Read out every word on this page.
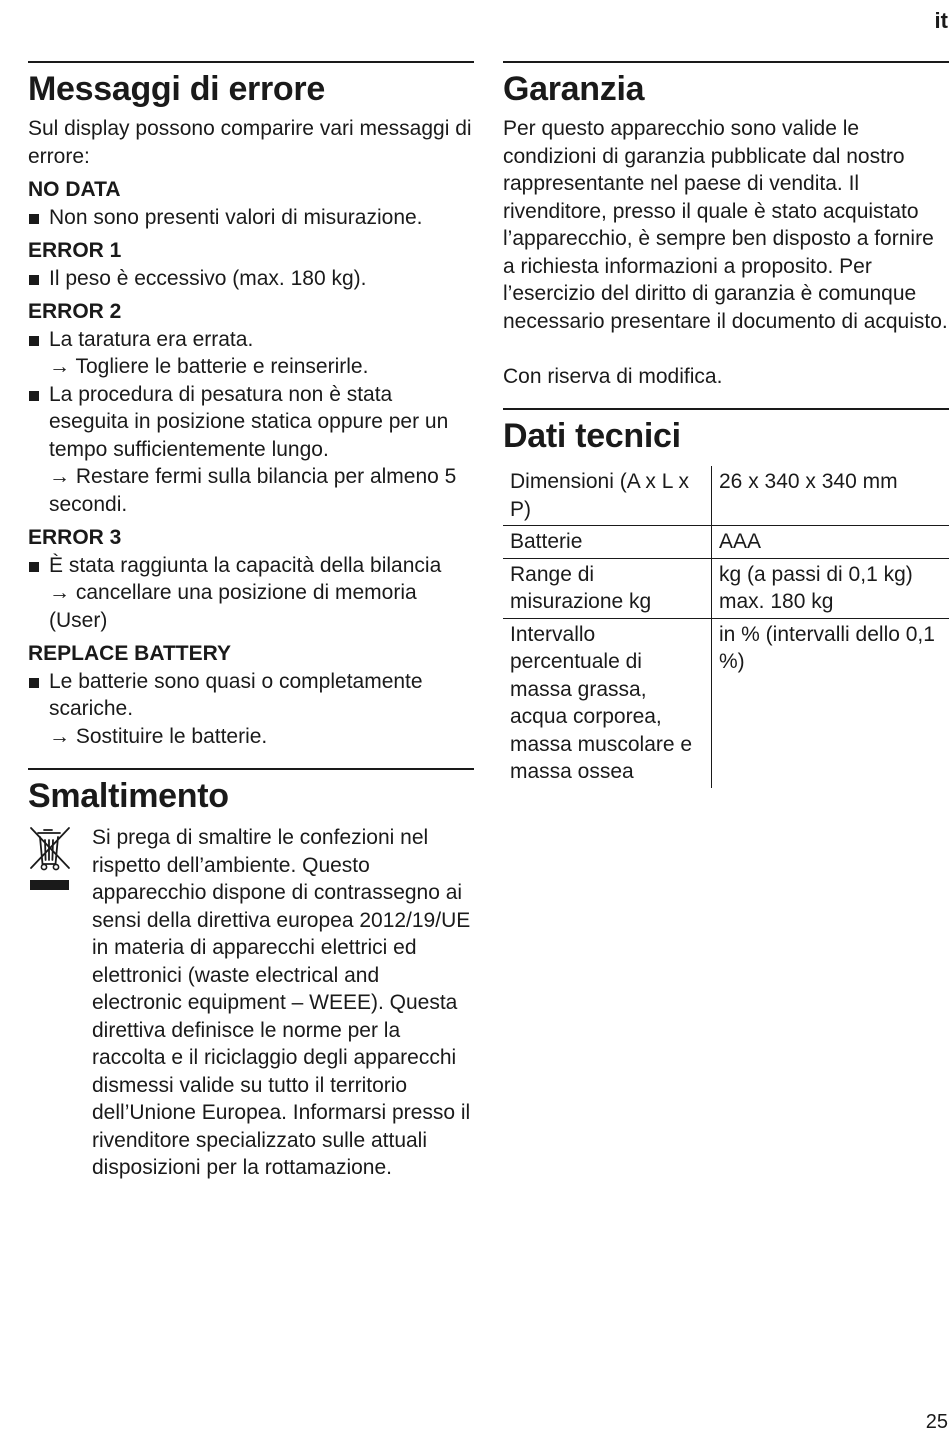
it
Messaggi di errore

Sul display possono comparire vari messaggi di errore:

NO DATA
Non sono presenti valori di misurazione.
ERROR 1
Il peso è eccessivo (max. 180 kg).
ERROR 2
La taratura era errata.
→ Togliere le batterie e reinserirle.
La procedura di pesatura non è stata eseguita in posizione statica oppure per un tempo sufficientemente lungo.
→ Restare fermi sulla bilancia per almeno 5 secondi.
ERROR 3
È stata raggiunta la capacità della bilancia
→ cancellare una posizione di memoria (User)
REPLACE BATTERY
Le batterie sono quasi o completamente scariche.
→ Sostituire le batterie.
Smaltimento

Si prega di smaltire le confezioni nel rispetto dell’ambiente. Questo apparecchio dispone di contrassegno ai sensi della direttiva europea 2012/19/UE in materia di apparecchi elettrici ed elettronici (waste electrical and electronic equipment – WEEE). Questa direttiva definisce le norme per la raccolta e il riciclaggio degli apparecchi dismessi valide su tutto il territorio dell’Unione Europea. Informarsi presso il rivenditore specializzato sulle attuali disposizioni per la rottamazione.

Garanzia

Per questo apparecchio sono valide le condizioni di garanzia pubblicate dal nostro rappresentante nel paese di vendita. Il rivenditore, presso il quale è stato acquistato l’apparecchio, è sempre ben disposto a fornire a richiesta informazioni a proposito. Per l’esercizio del diritto di garanzia è comunque necessario presentare il documento di acquisto.

Con riserva di modifica.

Dati tecnici
Dimensioni (A x L x P)	26 x 340 x 340 mm
Batterie	AAA
Range di misurazione kg	kg (a passi di 0,1 kg) max. 180 kg
Intervallo percentuale di massa grassa, acqua corporea, massa muscolare e massa ossea	in % (intervalli dello 0,1 %)
25
